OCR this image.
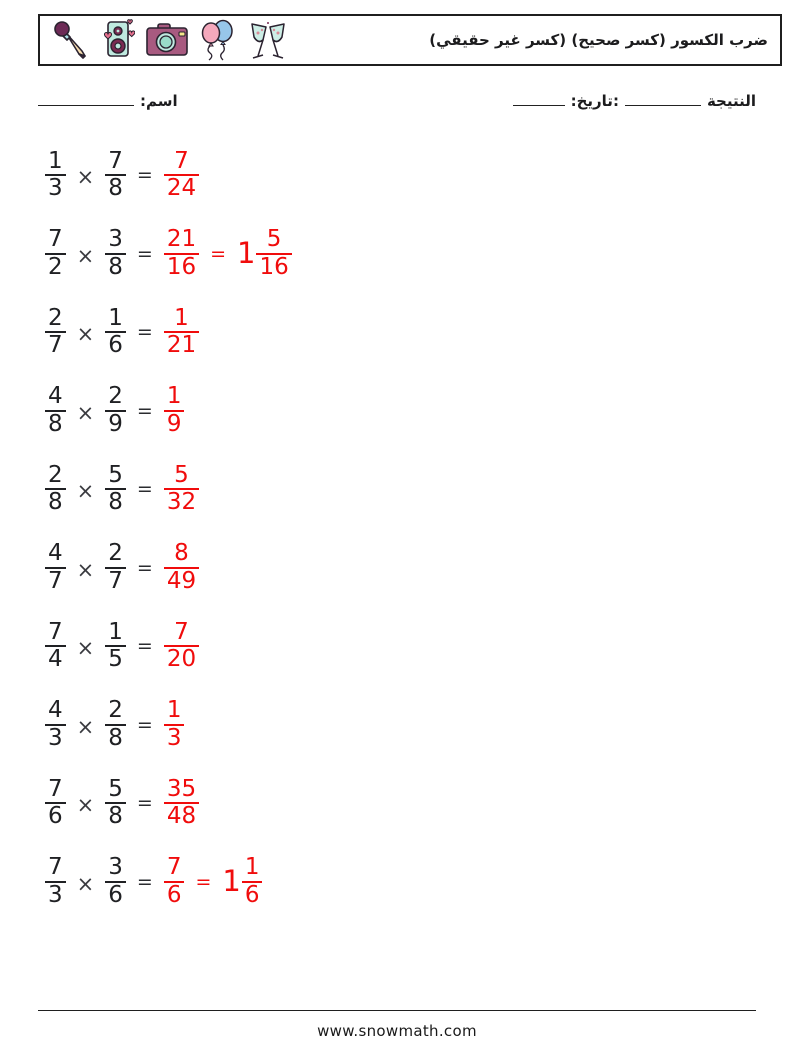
ضرب الكسور (كسر صحيح) (كسر غير حقيقي)
:اسم	:تاريخ:	النتيجة
$\frac{1}{3} \times \frac{7}{8} = \frac{7}{24}$
$\frac{7}{2} \times \frac{3}{8} = \frac{21}{16} = 1 \frac{5}{16}$
$\frac{2}{7} \times \frac{1}{6} = \frac{1}{21}$
$\frac{4}{8} \times \frac{2}{9} = \frac{1}{9}$
$\frac{2}{8} \times \frac{5}{8} = \frac{5}{32}$
$\frac{4}{7} \times \frac{2}{7} = \frac{8}{49}$
$\frac{7}{4} \times \frac{1}{5} = \frac{7}{20}$
$\frac{4}{3} \times \frac{2}{8} = \frac{1}{3}$
$\frac{7}{6} \times \frac{5}{8} = \frac{35}{48}$
$\frac{7}{3} \times \frac{3}{6} = \frac{7}{6} = 1 \frac{1}{6}$
www.snowmath.com
